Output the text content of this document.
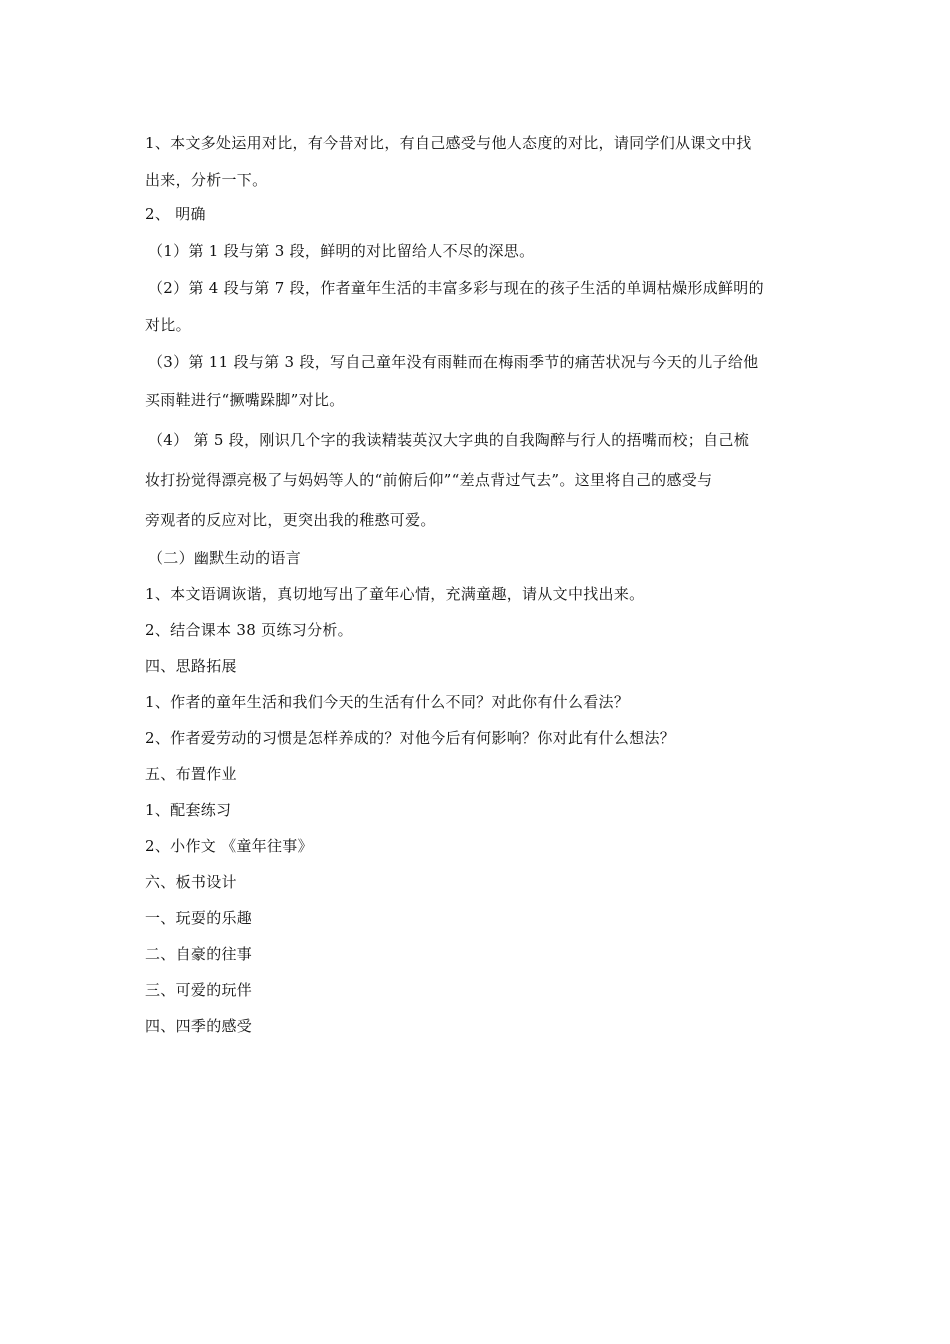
1、本文多处运用对比，有今昔对比，有自己感受与他人态度的对比，请同学们从课文中找
出来，分析一下。
2、 明确
（1）第 1 段与第 3 段，鲜明的对比留给人不尽的深思。
（2）第 4 段与第 7 段，作者童年生活的丰富多彩与现在的孩子生活的单调枯燥形成鲜明的
对比。
（3）第 11 段与第 3 段，写自己童年没有雨鞋而在梅雨季节的痛苦状况与今天的儿子给他
买雨鞋进行“撅嘴跺脚”对比。
（4） 第 5 段，刚识几个字的我读精装英汉大字典的自我陶醉与行人的捂嘴而校；自己梳
妆打扮觉得漂亮极了与妈妈等人的“前俯后仰”“差点背过气去”。这里将自己的感受与
旁观者的反应对比，更突出我的稚憨可爱。
（二）幽默生动的语言
1、本文语调诙谐，真切地写出了童年心情，充满童趣，请从文中找出来。
2、结合课本 38 页练习分析。
四、思路拓展
1、作者的童年生活和我们今天的生活有什么不同？对此你有什么看法？
2、作者爱劳动的习惯是怎样养成的？对他今后有何影响？你对此有什么想法？
五、布置作业
1、配套练习
2、小作文 《童年往事》
六、板书设计
一、玩耍的乐趣
二、自豪的往事
三、可爱的玩伴
四、四季的感受
